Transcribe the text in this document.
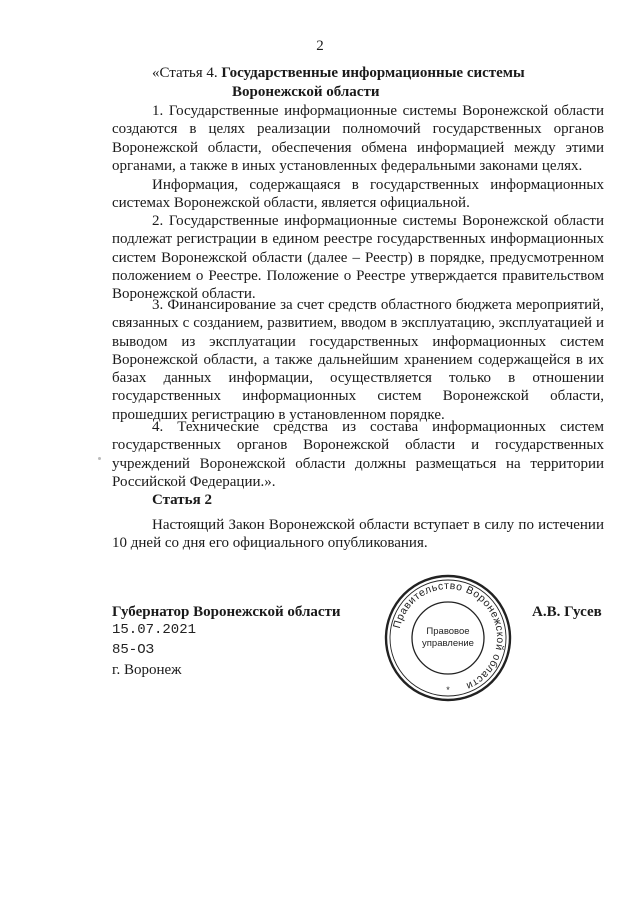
2
«Статья 4. Государственные информационные системы
Воронежской области

1. Государственные информационные системы Воронежской области создаются в целях реализации полномочий государственных органов Воронежской области, обеспечения обмена информацией между этими органами, а также в иных установленных федеральными законами целях.

Информация, содержащаяся в государственных информационных системах Воронежской области, является официальной.

2. Государственные информационные системы Воронежской области подлежат регистрации в едином реестре государственных информационных систем Воронежской области (далее – Реестр) в порядке, предусмотренном положением о Реестре. Положение о Реестре утверждается правительством Воронежской области.

3. Финансирование за счет средств областного бюджета мероприятий, связанных с созданием, развитием, вводом в эксплуатацию, эксплуатацией и выводом из эксплуатации государственных информационных систем Воронежской области, а также дальнейшим хранением содержащейся в их базах данных информации, осуществляется только в отношении государственных информационных систем Воронежской области, прошедших регистрацию в установленном порядке.

4. Технические средства из состава информационных систем государственных органов Воронежской области и государственных учреждений Воронежской области должны размещаться на территории Российской Федерации.».

Статья 2

Настоящий Закон Воронежской области вступает в силу по истечении 10 дней со дня его официального опубликования.

Губернатор Воронежской области
15.07.2021
85-ОЗ
г. Воронеж
А.В. Гусев
Правительство Воронежской области
Правовое
управление
*
